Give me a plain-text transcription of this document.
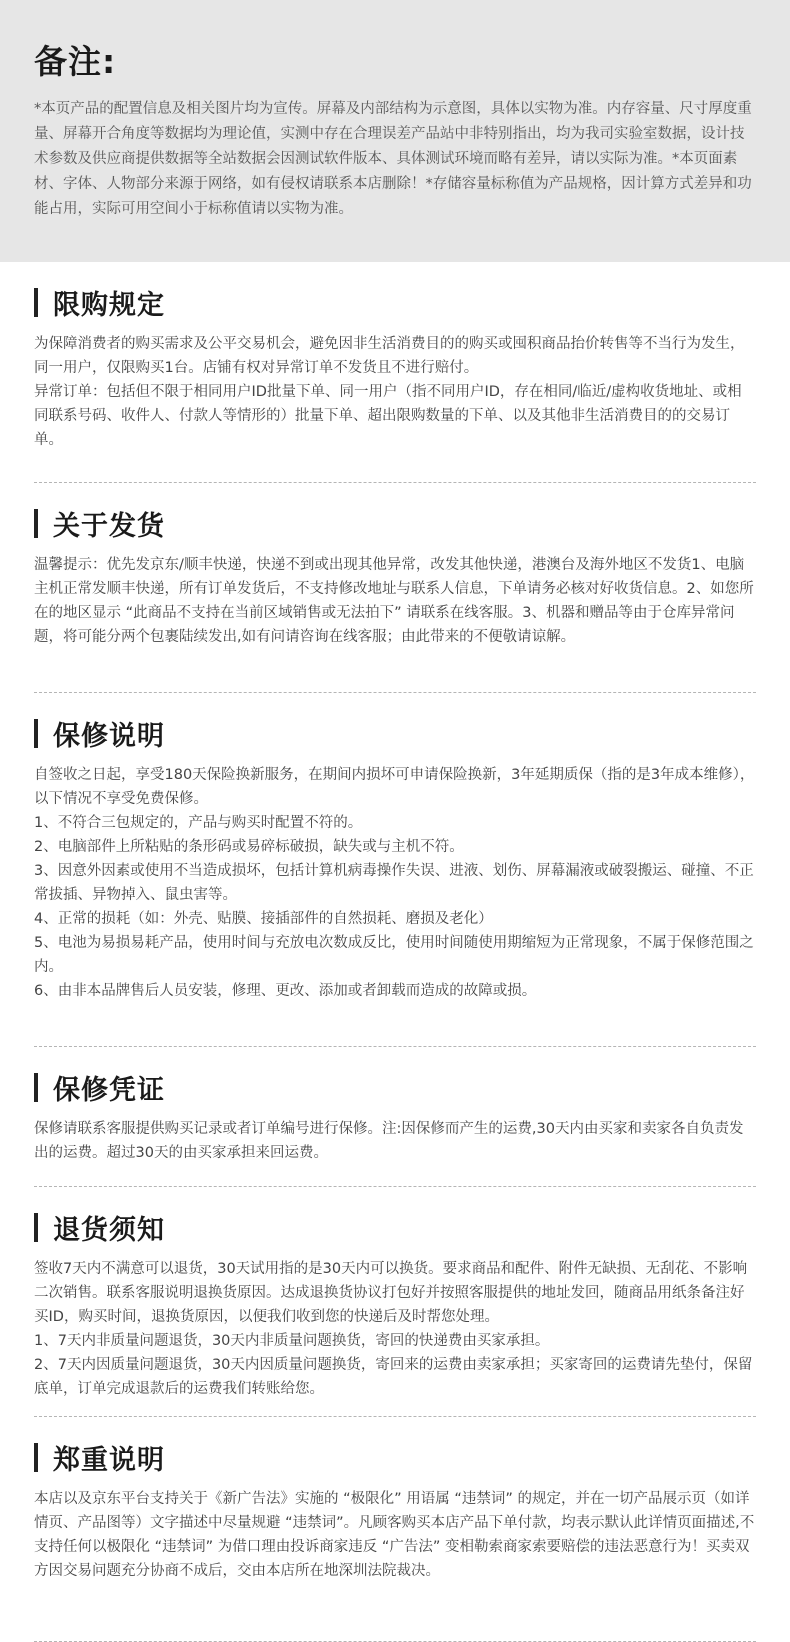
备注:

*本页产品的配置信息及相关图片均为宣传。屏幕及内部结构为示意图，具体以实物为准。内存容量、尺寸厚度重量、屏幕开合角度等数据均为理论值，实测中存在合理误差产品站中非特别指出，均为我司实验室数据，设计技术参数及供应商提供数据等全站数据会因测试软件版本、具体测试环境而略有差异，请以实际为准。*本页面素材、字体、人物部分来源于网络，如有侵权请联系本店删除！*存储容量标称值为产品规格，因计算方式差异和功能占用，实际可用空间小于标称值请以实物为准。

限购规定

为保障消费者的购买需求及公平交易机会，避免因非生活消费目的的购买或囤积商品抬价转售等不当行为发生，同一用户，仅限购买1台。店铺有权对异常订单不发货且不进行赔付。

异常订单：包括但不限于相同用户ID批量下单、同一用户（指不同用户ID，存在相同/临近/虚构收货地址、或相同联系号码、收件人、付款人等情形的）批量下单、超出限购数量的下单、以及其他非生活消费目的的交易订单。

关于发货

温馨提示：优先发京东/顺丰快递，快递不到或出现其他异常，改发其他快递，港澳台及海外地区不发货1、电脑主机正常发顺丰快递，所有订单发货后，不支持修改地址与联系人信息，下单请务必核对好收货信息。2、如您所在的地区显示 “此商品不支持在当前区域销售或无法拍下” 请联系在线客服。3、机器和赠品等由于仓库异常问题，将可能分两个包裹陆续发出,如有问请咨询在线客服；由此带来的不便敬请谅解。

保修说明

自签收之日起，享受180天保险换新服务，在期间内损坏可申请保险换新，3年延期质保（指的是3年成本维修），以下情况不享受免费保修。

1、不符合三包规定的，产品与购买时配置不符的。

2、电脑部件上所粘贴的条形码或易碎标破损，缺失或与主机不符。

3、因意外因素或使用不当造成损坏，包括计算机病毒操作失误、进液、划伤、屏幕漏液或破裂搬运、碰撞、不正常拔插、异物掉入、鼠虫害等。

4、正常的损耗（如：外壳、贴膜、接插部件的自然损耗、磨损及老化）

5、电池为易损易耗产品，使用时间与充放电次数成反比，使用时间随使用期缩短为正常现象，不属于保修范围之内。

6、由非本品牌售后人员安装，修理、更改、添加或者卸载而造成的故障或损。

保修凭证

保修请联系客服提供购买记录或者订单编号进行保修。注:因保修而产生的运费,30天内由买家和卖家各自负责发出的运费。超过30天的由买家承担来回运费。

退货须知

签收7天内不满意可以退货，30天试用指的是30天内可以换货。要求商品和配件、附件无缺损、无刮花、不影响二次销售。联系客服说明退换货原因。达成退换货协议打包好并按照客服提供的地址发回，随商品用纸条备注好买ID，购买时间，退换货原因，以便我们收到您的快递后及时帮您处理。

1、7天内非质量问题退货，30天内非质量问题换货，寄回的快递费由买家承担。

2、7天内因质量问题退货，30天内因质量问题换货，寄回来的运费由卖家承担；买家寄回的运费请先垫付，保留底单，订单完成退款后的运费我们转账给您。

郑重说明

本店以及京东平台支持关于《新广告法》实施的 “极限化” 用语属 “违禁词” 的规定，并在一切产品展示页（如详情页、产品图等）文字描述中尽量规避 “违禁词”。凡顾客购买本店产品下单付款，均表示默认此详情页面描述,不支持任何以极限化 “违禁词” 为借口理由投诉商家违反 “广告法” 变相勒索商家索要赔偿的违法恶意行为！买卖双方因交易问题充分协商不成后，交由本店所在地深圳法院裁决。
